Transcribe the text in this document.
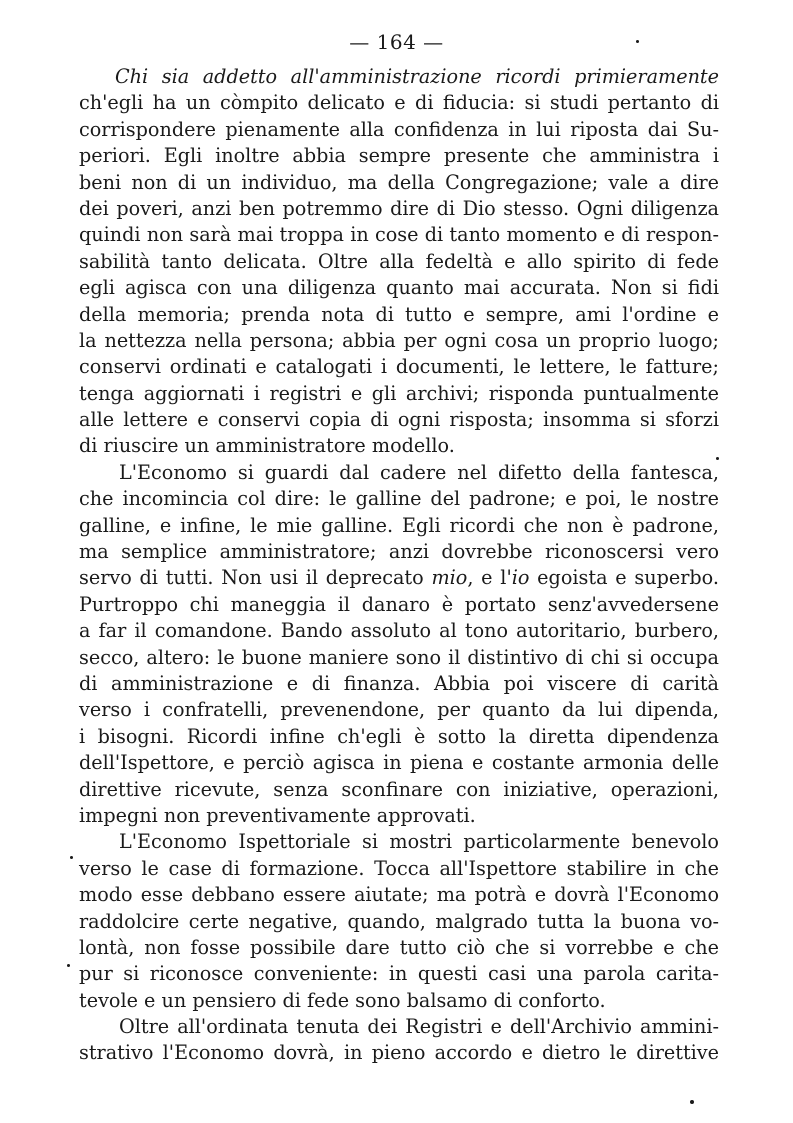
— 164 —
Chi sia addetto all'amministrazione ricordi primieramente
ch'egli ha un còmpito delicato e di fiducia: si studi pertanto di
corrispondere pienamente alla confidenza in lui riposta dai Su-
periori. Egli inoltre abbia sempre presente che amministra i
beni non di un individuo, ma della Congregazione; vale a dire
dei poveri, anzi ben potremmo dire di Dio stesso. Ogni diligenza
quindi non sarà mai troppa in cose di tanto momento e di respon-
sabilità tanto delicata. Oltre alla fedeltà e allo spirito di fede
egli agisca con una diligenza quanto mai accurata. Non si fidi
della memoria; prenda nota di tutto e sempre, ami l'ordine e
la nettezza nella persona; abbia per ogni cosa un proprio luogo;
conservi ordinati e catalogati i documenti, le lettere, le fatture;
tenga aggiornati i registri e gli archivi; risponda puntualmente
alle lettere e conservi copia di ogni risposta; insomma si sforzi
di riuscire un amministratore modello.
L'Economo si guardi dal cadere nel difetto della fantesca,
che incomincia col dire: le galline del padrone; e poi, le nostre
galline, e infine, le mie galline. Egli ricordi che non è padrone,
ma semplice amministratore; anzi dovrebbe riconoscersi vero
servo di tutti. Non usi il deprecato mio, e l'io egoista e superbo.
Purtroppo chi maneggia il danaro è portato senz'avvedersene
a far il comandone. Bando assoluto al tono autoritario, burbero,
secco, altero: le buone maniere sono il distintivo di chi si occupa
di amministrazione e di finanza. Abbia poi viscere di carità
verso i confratelli, prevenendone, per quanto da lui dipenda,
i bisogni. Ricordi infine ch'egli è sotto la diretta dipendenza
dell'Ispettore, e perciò agisca in piena e costante armonia delle
direttive ricevute, senza sconfinare con iniziative, operazioni,
impegni non preventivamente approvati.
L'Economo Ispettoriale si mostri particolarmente benevolo
verso le case di formazione. Tocca all'Ispettore stabilire in che
modo esse debbano essere aiutate; ma potrà e dovrà l'Economo
raddolcire certe negative, quando, malgrado tutta la buona vo-
lontà, non fosse possibile dare tutto ciò che si vorrebbe e che
pur si riconosce conveniente: in questi casi una parola carita-
tevole e un pensiero di fede sono balsamo di conforto.
Oltre all'ordinata tenuta dei Registri e dell'Archivio ammini-
strativo l'Economo dovrà, in pieno accordo e dietro le direttive
